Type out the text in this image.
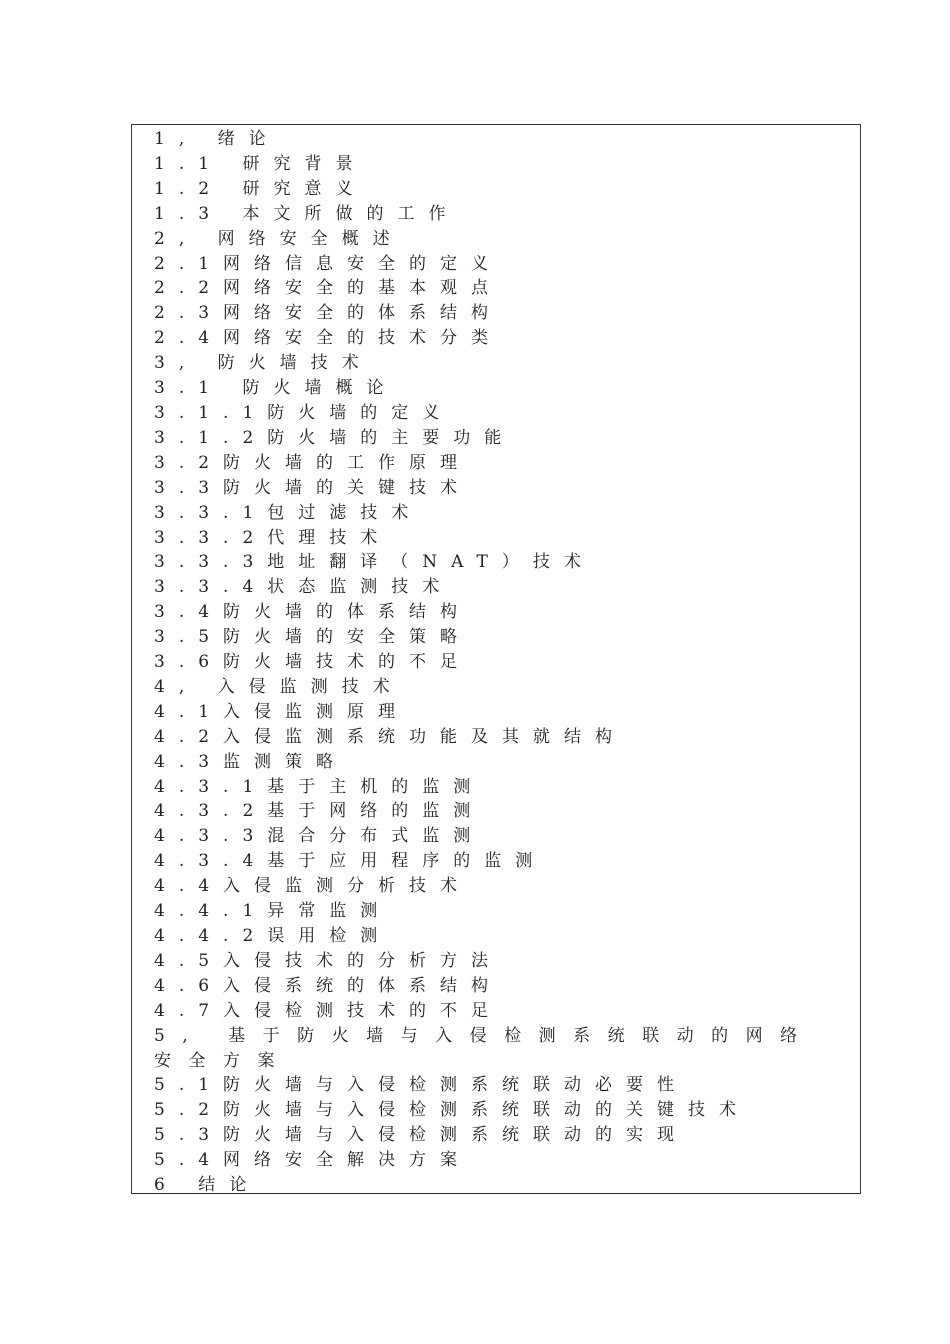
1, 绪论
1.1 研究背景
1.2 研究意义
1.3 本文所做的工作
2, 网络安全概述
2.1网络信息安全的定义
2.2网络安全的基本观点
2.3网络安全的体系结构
2.4网络安全的技术分类
3, 防火墙技术
3.1 防火墙概论
3.1.1防火墙的定义
3.1.2防火墙的主要功能
3.2防火墙的工作原理
3.3防火墙的关键技术
3.3.1包过滤技术
3.3.2代理技术
3.3.3地址翻译（NAT）技术
3.3.4状态监测技术
3.4防火墙的体系结构
3.5防火墙的安全策略
3.6防火墙技术的不足
4, 入侵监测技术
4.1入侵监测原理
4.2入侵监测系统功能及其就结构
4.3监测策略
4.3.1基于主机的监测
4.3.2基于网络的监测
4.3.3混合分布式监测
4.3.4基于应用程序的监测
4.4入侵监测分析技术
4.4.1异常监测
4.4.2误用检测
4.5入侵技术的分析方法
4.6入侵系统的体系结构
4.7入侵检测技术的不足
5, 基于防火墙与入侵检测系统联动的网络安全方案
5.1防火墙与入侵检测系统联动必要性
5.2防火墙与入侵检测系统联动的关键技术
5.3防火墙与入侵检测系统联动的实现
5.4网络安全解决方案
6 结论
